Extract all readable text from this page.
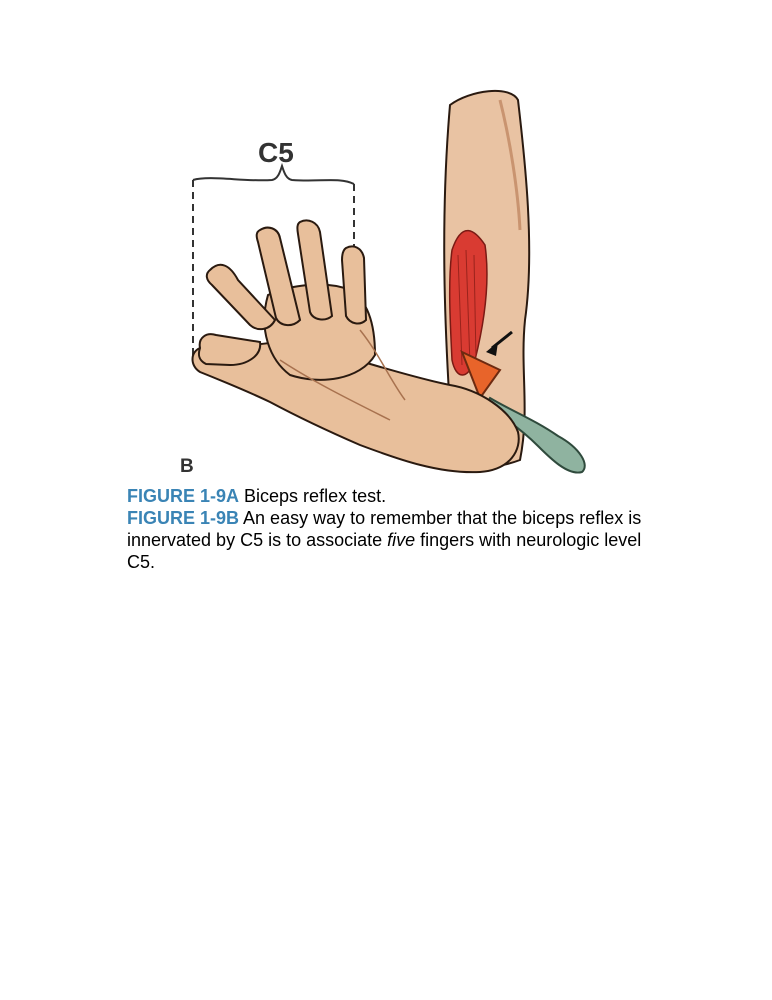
C5
B
FIGURE 1-9A Biceps reflex test.
FIGURE 1-9B An easy way to remember that the biceps reflex is innervated by C5 is to associate five fingers with neurologic level C5.
